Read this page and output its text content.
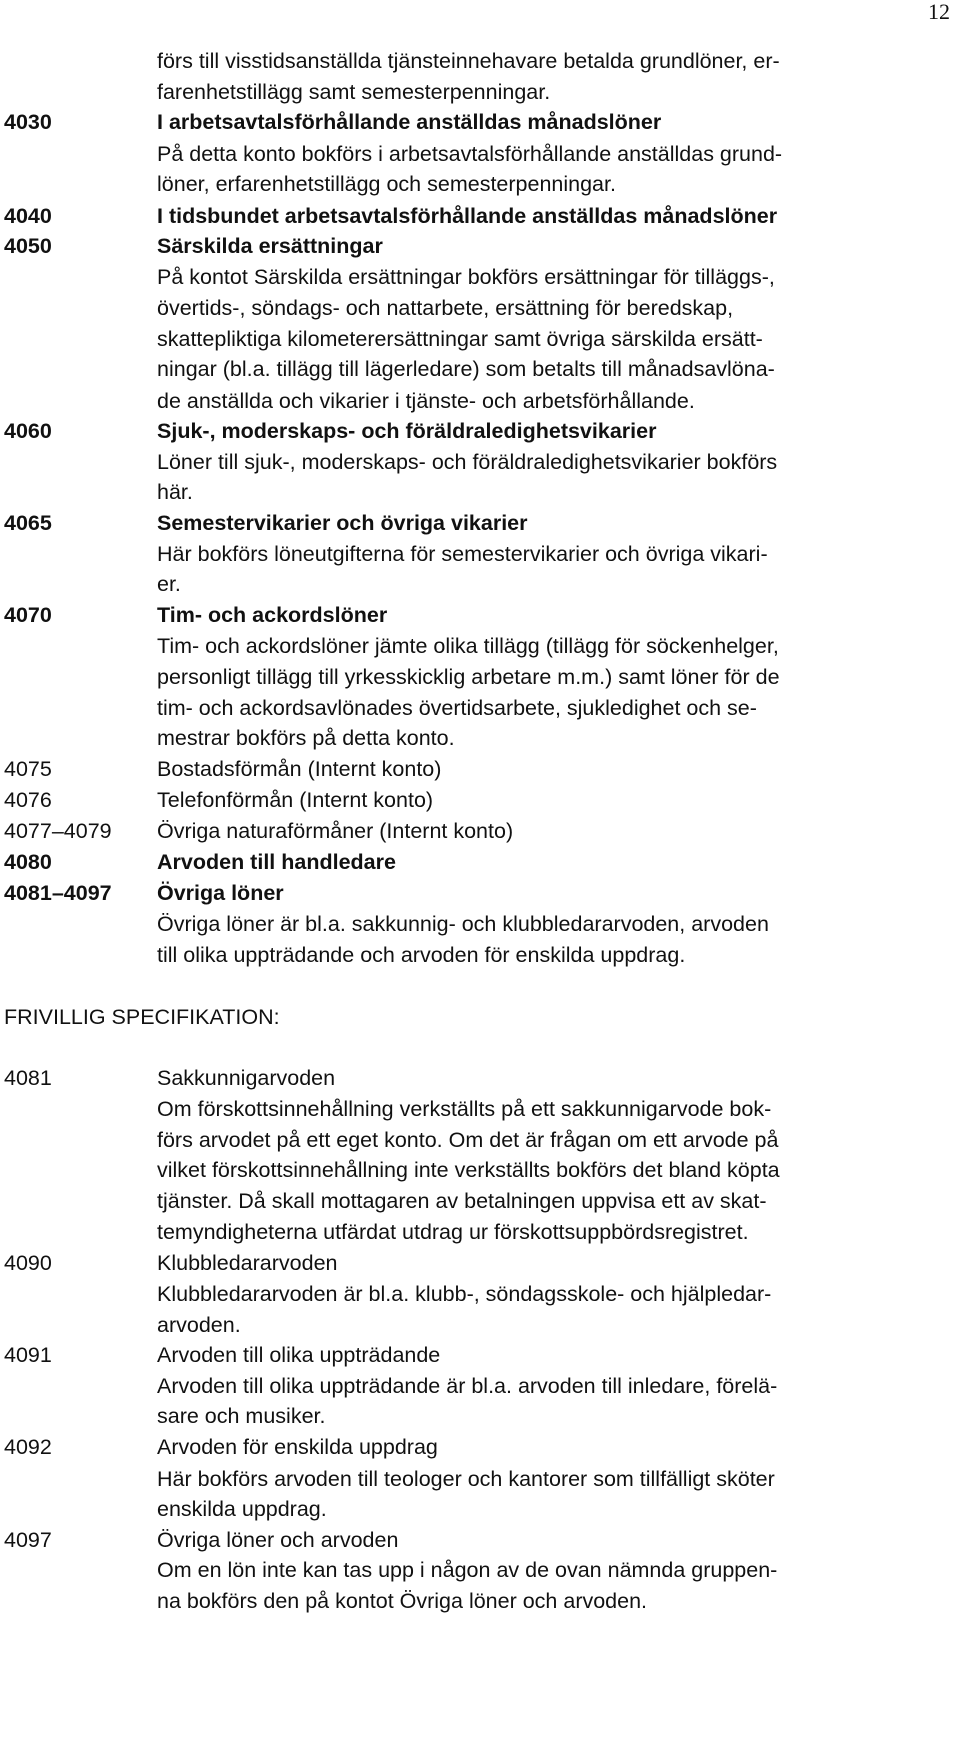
12
förs till visstidsanställda tjänsteinnehavare betalda grundlöner, er-
farenhetstillägg samt semesterpenningar.
4030	I arbetsavtalsförhållande anställdas månadslöner
På detta konto bokförs i arbetsavtalsförhållande anställdas grund-
löner, erfarenhetstillägg och semesterpenningar.
4040	I tidsbundet arbetsavtalsförhållande anställdas månadslöner
4050	Särskilda ersättningar
På kontot Särskilda ersättningar bokförs ersättningar för tilläggs-,
övertids-, söndags- och nattarbete, ersättning för beredskap,
skattepliktiga kilometerersättningar samt övriga särskilda ersätt-
ningar (bl.a. tillägg till lägerledare) som betalts till månadsavlöna-
de anställda och vikarier i tjänste- och arbetsförhållande.
4060	Sjuk-, moderskaps- och föräldraledighetsvikarier
Löner till sjuk-, moderskaps- och föräldraledighetsvikarier bokförs
här.
4065	Semestervikarier och övriga vikarier
Här bokförs löneutgifterna för semestervikarier och övriga vikari-
er.
4070	Tim- och ackordslöner
Tim- och ackordslöner jämte olika tillägg (tillägg för söckenhelger,
personligt tillägg till yrkesskicklig arbetare m.m.) samt löner för de
tim- och ackordsavlönades övertidsarbete, sjukledighet och se-
mestrar bokförs på detta konto.
4075	Bostadsförmån (Internt konto)
4076	Telefonförmån (Internt konto)
4077–4079 Övriga naturaförmåner (Internt konto)
4080	Arvoden till handledare
4081–4097 Övriga löner
Övriga löner är bl.a. sakkunnig- och klubbledararvoden, arvoden
till olika uppträdande och arvoden för enskilda uppdrag.
FRIVILLIG SPECIFIKATION:
4081	Sakkunnigarvoden
Om förskottsinnehållning verkställts på ett sakkunnigarvode bok-
förs arvodet på ett eget konto. Om det är frågan om ett arvode på
vilket förskottsinnehållning inte verkställts bokförs det bland köpta
tjänster. Då skall mottagaren av betalningen uppvisa ett av skat-
temyndigheterna utfärdat utdrag ur förskottsuppbördsregistret.
4090	Klubbledararvoden
Klubbledararvoden är bl.a. klubb-, söndagsskole- och hjälpledar-
arvoden.
4091	Arvoden till olika uppträdande
Arvoden till olika uppträdande är bl.a. arvoden till inledare, förelä-
sare och musiker.
4092	Arvoden för enskilda uppdrag
Här bokförs arvoden till teologer och kantorer som tillfälligt sköter
enskilda uppdrag.
4097	Övriga löner och arvoden
Om en lön inte kan tas upp i någon av de ovan nämnda gruppen-
na bokförs den på kontot Övriga löner och arvoden.
